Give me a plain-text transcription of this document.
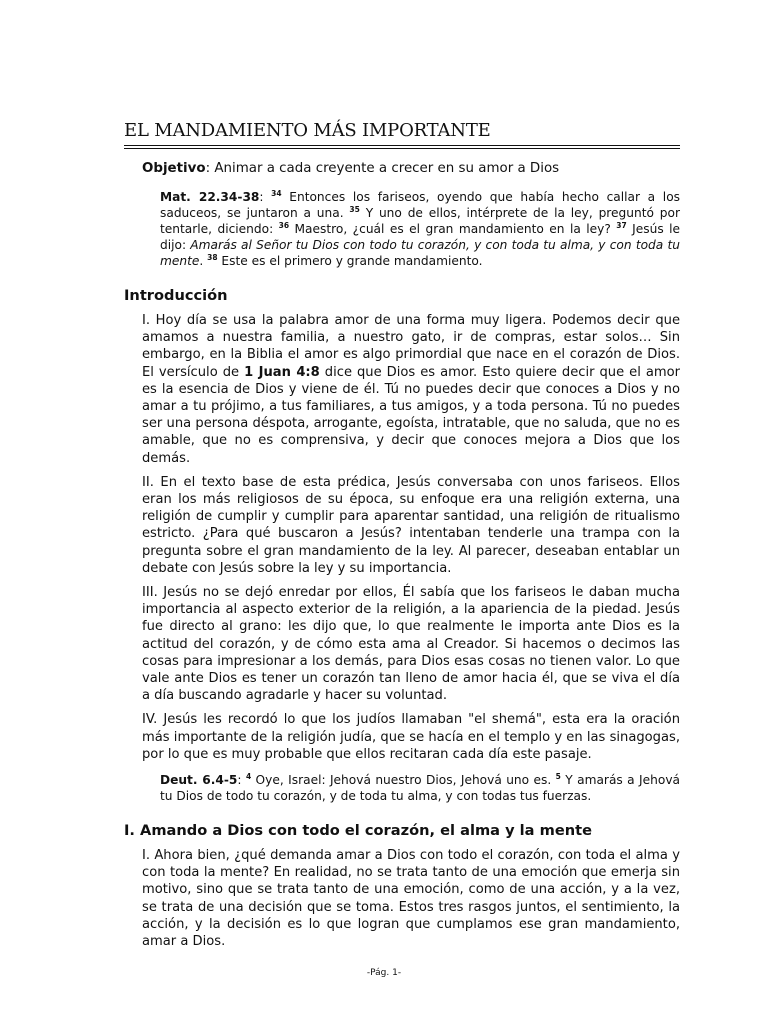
EL MANDAMIENTO MÁS IMPORTANTE

Objetivo: Animar a cada creyente a crecer en su amor a Dios

Mat. 22.34-38: $^{34}$ Entonces los fariseos, oyendo que había hecho callar a los saduceos, se juntaron a una. $^{35}$ Y uno de ellos, intérprete de la ley, preguntó por tentarle, diciendo: $^{36}$ Maestro, ¿cuál es el gran mandamiento en la ley? $^{37}$ Jesús le dijo: Amarás al Señor tu Dios con todo tu corazón, y con toda tu alma, y con toda tu mente. $^{38}$ Este es el primero y grande mandamiento.

Introducción

I. Hoy día se usa la palabra amor de una forma muy ligera. Podemos decir que amamos a nuestra familia, a nuestro gato, ir de compras, estar solos… Sin embargo, en la Biblia el amor es algo primordial que nace en el corazón de Dios. El versículo de 1 Juan 4:8 dice que Dios es amor. Esto quiere decir que el amor es la esencia de Dios y viene de él. Tú no puedes decir que conoces a Dios y no amar a tu prójimo, a tus familiares, a tus amigos, y a toda persona. Tú no puedes ser una persona déspota, arrogante, egoísta, intratable, que no saluda, que no es amable, que no es comprensiva, y decir que conoces mejora a Dios que los demás.

II. En el texto base de esta prédica, Jesús conversaba con unos fariseos. Ellos eran los más religiosos de su época, su enfoque era una religión externa, una religión de cumplir y cumplir para aparentar santidad, una religión de ritualismo estricto. ¿Para qué buscaron a Jesús? intentaban tenderle una trampa con la pregunta sobre el gran mandamiento de la ley. Al parecer, deseaban entablar un debate con Jesús sobre la ley y su importancia.

III. Jesús no se dejó enredar por ellos, Él sabía que los fariseos le daban mucha importancia al aspecto exterior de la religión, a la apariencia de la piedad. Jesús fue directo al grano: les dijo que, lo que realmente le importa ante Dios es la actitud del corazón, y de cómo esta ama al Creador. Si hacemos o decimos las cosas para impresionar a los demás, para Dios esas cosas no tienen valor. Lo que vale ante Dios es tener un corazón tan lleno de amor hacia él, que se viva el día a día buscando agradarle y hacer su voluntad.

IV. Jesús les recordó lo que los judíos llamaban "el shemá", esta era la oración más importante de la religión judía, que se hacía en el templo y en las sinagogas, por lo que es muy probable que ellos recitaran cada día este pasaje.

Deut. 6.4-5: $^4$ Oye, Israel: Jehová nuestro Dios, Jehová uno es. $^5$ Y amarás a Jehová tu Dios de todo tu corazón, y de toda tu alma, y con todas tus fuerzas.

I. Amando a Dios con todo el corazón, el alma y la mente

I. Ahora bien, ¿qué demanda amar a Dios con todo el corazón, con toda el alma y con toda la mente? En realidad, no se trata tanto de una emoción que emerja sin motivo, sino que se trata tanto de una emoción, como de una acción, y a la vez, se trata de una decisión que se toma. Estos tres rasgos juntos, el sentimiento, la acción, y la decisión es lo que logran que cumplamos ese gran mandamiento, amar a Dios.

-Pág. 1-
